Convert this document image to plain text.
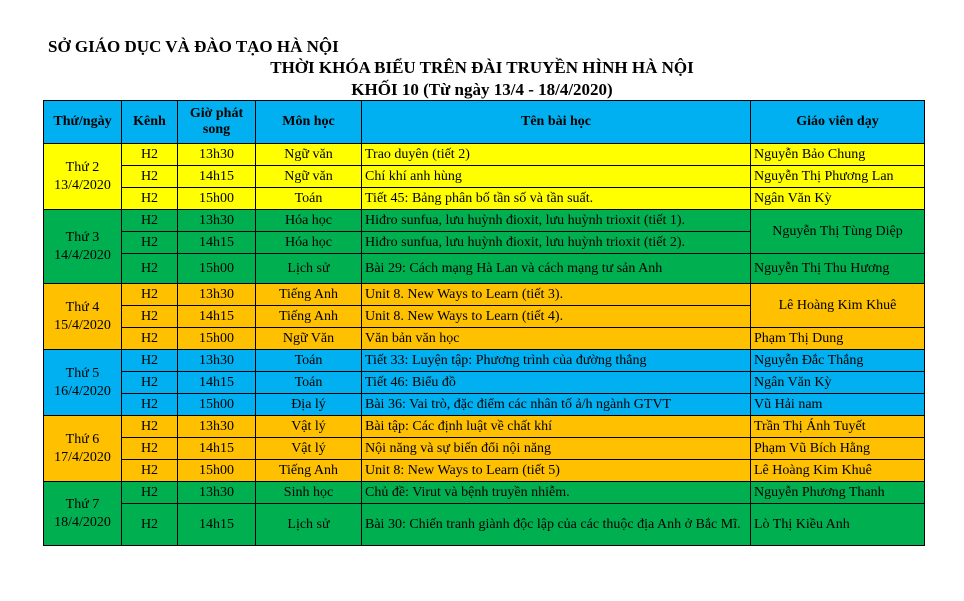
SỞ GIÁO DỤC VÀ ĐÀO TẠO HÀ NỘI
THỜI KHÓA BIỂU TRÊN ĐÀI TRUYỀN HÌNH HÀ NỘI
KHỐI 10 (Từ ngày 13/4 - 18/4/2020)
Thứ/ngày	Kênh	Giờ phát song	Môn học	Tên bài học	Giáo viên dạy
Thứ 2 13/4/2020	H2	13h30	Ngữ văn	Trao duyên (tiết 2)	Nguyễn Bảo Chung
	H2	14h15	Ngữ văn	Chí khí anh hùng	Nguyễn Thị Phương Lan
	H2	15h00	Toán	Tiết 45: Bảng phân bố tần số và tần suất.	Ngân Văn Kỳ
Thứ 3 14/4/2020	H2	13h30	Hóa học	Hiđro sunfua, lưu huỳnh đioxit, lưu huỳnh trioxit (tiết 1).	Nguyễn Thị Tùng Diệp
	H2	14h15	Hóa học	Hiđro sunfua, lưu huỳnh đioxit, lưu huỳnh trioxit (tiết 2).	
	H2	15h00	Lịch sử	Bài 29: Cách mạng Hà Lan và cách mạng tư sản Anh	Nguyễn Thị Thu Hương
Thứ 4 15/4/2020	H2	13h30	Tiếng Anh	Unit 8. New Ways to Learn (tiết 3).	Lê Hoàng Kim Khuê
	H2	14h15	Tiếng Anh	Unit 8. New Ways to Learn (tiết 4).	
	H2	15h00	Ngữ Văn	Văn bản văn học	Phạm Thị Dung
Thứ 5 16/4/2020	H2	13h30	Toán	Tiết 33: Luyện tập: Phương trình của đường thẳng	Nguyễn Đắc Thắng
	H2	14h15	Toán	Tiết 46: Biểu đồ	Ngân Văn Kỳ
	H2	15h00	Địa lý	Bài 36: Vai trò, đặc điểm các nhân tố ả/h ngành GTVT	Vũ Hải nam
Thứ 6 17/4/2020	H2	13h30	Vật lý	Bài tập: Các định luật về chất khí	Trần Thị Ánh Tuyết
	H2	14h15	Vật lý	Nội năng và sự biến đổi nội năng	Phạm Vũ Bích Hằng
	H2	15h00	Tiếng Anh	Unit 8: New Ways to Learn (tiết 5)	Lê Hoàng Kim Khuê
Thứ 7 18/4/2020	H2	13h30	Sinh học	Chủ đề: Virut và bệnh truyền nhiễm.	Nguyễn Phương Thanh
	H2	14h15	Lịch sử	Bài 30: Chiến tranh giành độc lập của các thuộc địa Anh ở Bắc Mĩ.	Lò Thị Kiều Anh
